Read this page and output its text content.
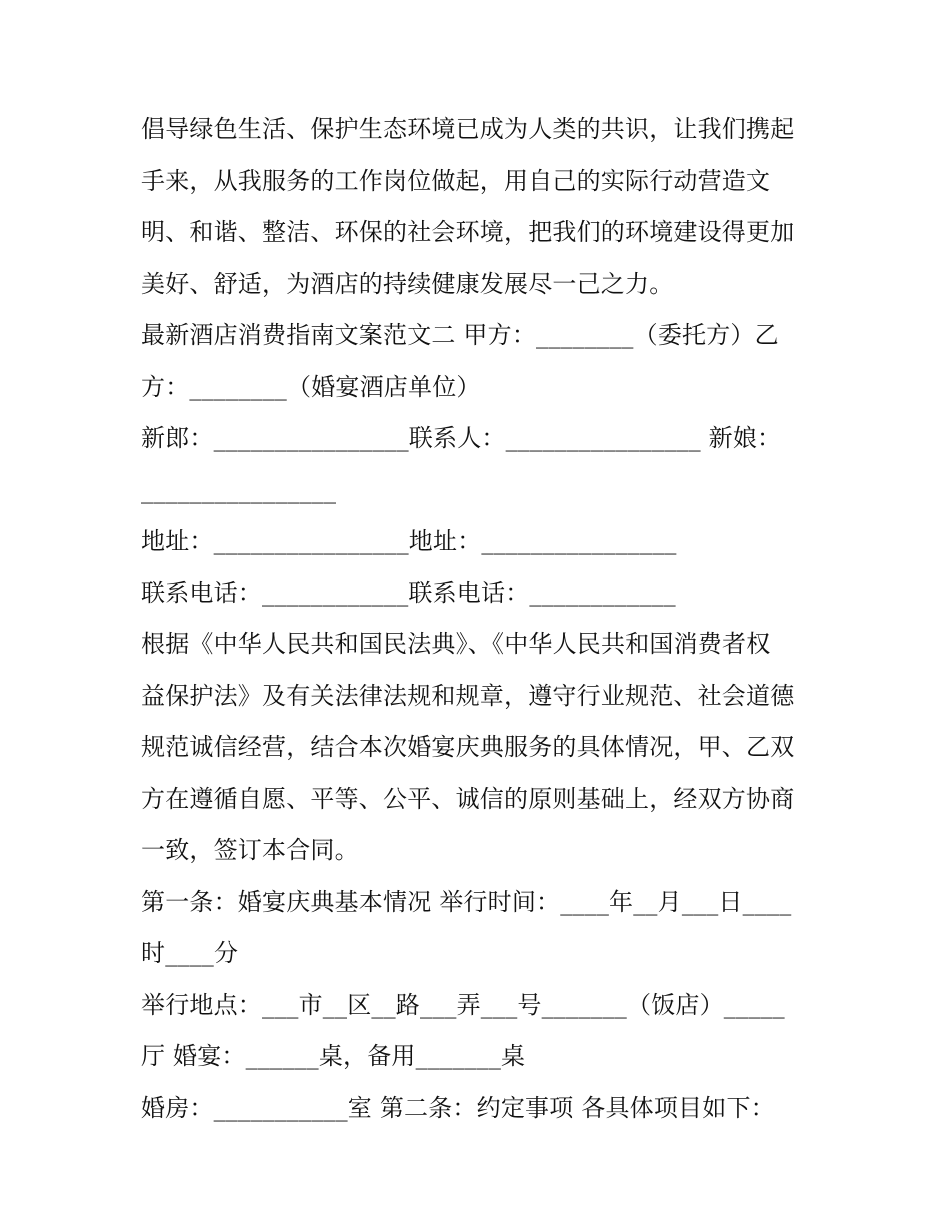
倡导绿色生活、保护生态环境已成为人类的共识，让我们携起
手来，从我服务的工作岗位做起，用自己的实际行动营造文
明、和谐、整洁、环保的社会环境，把我们的环境建设得更加
美好、舒适，为酒店的持续健康发展尽一己之力。
最新酒店消费指南文案范文二 甲方：________（委托方）乙
方：________（婚宴酒店单位）
新郎：________________联系人：________________ 新娘：
________________
地址：________________地址：________________
联系电话：____________联系电话：____________
根据《中华人民共和国民法典》、《中华人民共和国消费者权
益保护法》及有关法律法规和规章，遵守行业规范、社会道德
规范诚信经营，结合本次婚宴庆典服务的具体情况，甲、乙双
方在遵循自愿、平等、公平、诚信的原则基础上，经双方协商
一致，签订本合同。
第一条：婚宴庆典基本情况 举行时间：____年__月___日____
时____分
举行地点：___市__区__路___弄___号_______（饭店）_____
厅 婚宴：______桌，备用_______桌
婚房：___________室 第二条：约定事项 各具体项目如下：
